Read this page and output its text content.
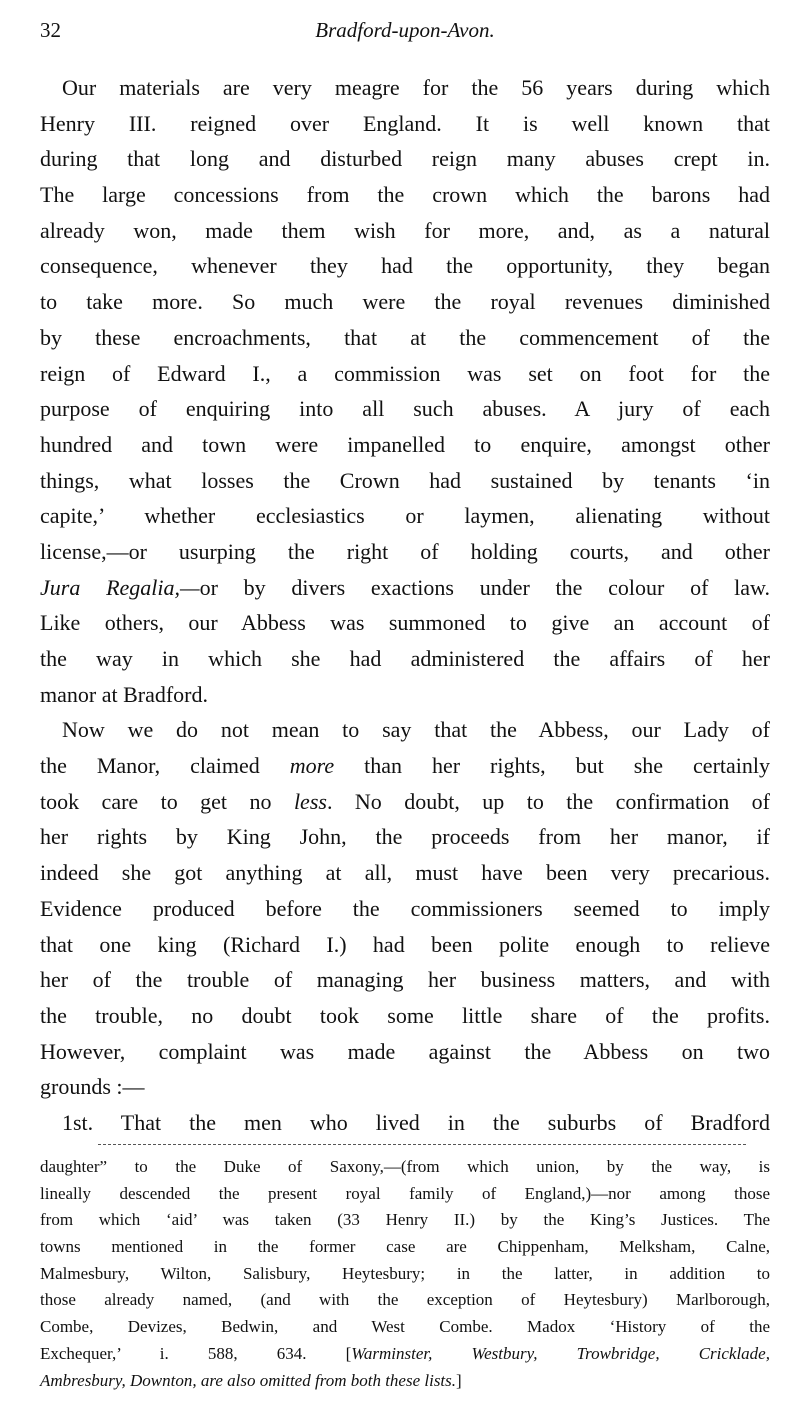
32	Bradford-upon-Avon.
Our materials are very meagre for the 56 years during which
Henry III. reigned over England. It is well known that
during that long and disturbed reign many abuses crept in.
The large concessions from the crown which the barons had
already won, made them wish for more, and, as a natural
consequence, whenever they had the opportunity, they began
to take more. So much were the royal revenues diminished
by these encroachments, that at the commencement of the
reign of Edward I., a commission was set on foot for the
purpose of enquiring into all such abuses. A jury of each
hundred and town were impanelled to enquire, amongst other
things, what losses the Crown had sustained by tenants ‘in
capite,’ whether ecclesiastics or laymen, alienating without
license,—or usurping the right of holding courts, and other
Jura Regalia,—or by divers exactions under the colour of law.
Like others, our Abbess was summoned to give an account of
the way in which she had administered the affairs of her
manor at Bradford.
Now we do not mean to say that the Abbess, our Lady of
the Manor, claimed more than her rights, but she certainly
took care to get no less. No doubt, up to the confirmation of
her rights by King John, the proceeds from her manor, if
indeed she got anything at all, must have been very precarious.
Evidence produced before the commissioners seemed to imply
that one king (Richard I.) had been polite enough to relieve
her of the trouble of managing her business matters, and with
the trouble, no doubt took some little share of the profits.
However, complaint was made against the Abbess on two
grounds :—
1st. That the men who lived in the suburbs of Bradford
daughter” to the Duke of Saxony,—(from which union, by the way, is
lineally descended the present royal family of England,)—nor among those
from which ‘aid’ was taken (33 Henry II.) by the King’s Justices. The
towns mentioned in the former case are Chippenham, Melksham, Calne,
Malmesbury, Wilton, Salisbury, Heytesbury; in the latter, in addition to
those already named, (and with the exception of Heytesbury) Marlborough,
Combe, Devizes, Bedwin, and West Combe. Madox ‘History of the
Exchequer,’ i. 588, 634. [Warminster, Westbury, Trowbridge, Cricklade,
Ambresbury, Downton, are also omitted from both these lists.]
